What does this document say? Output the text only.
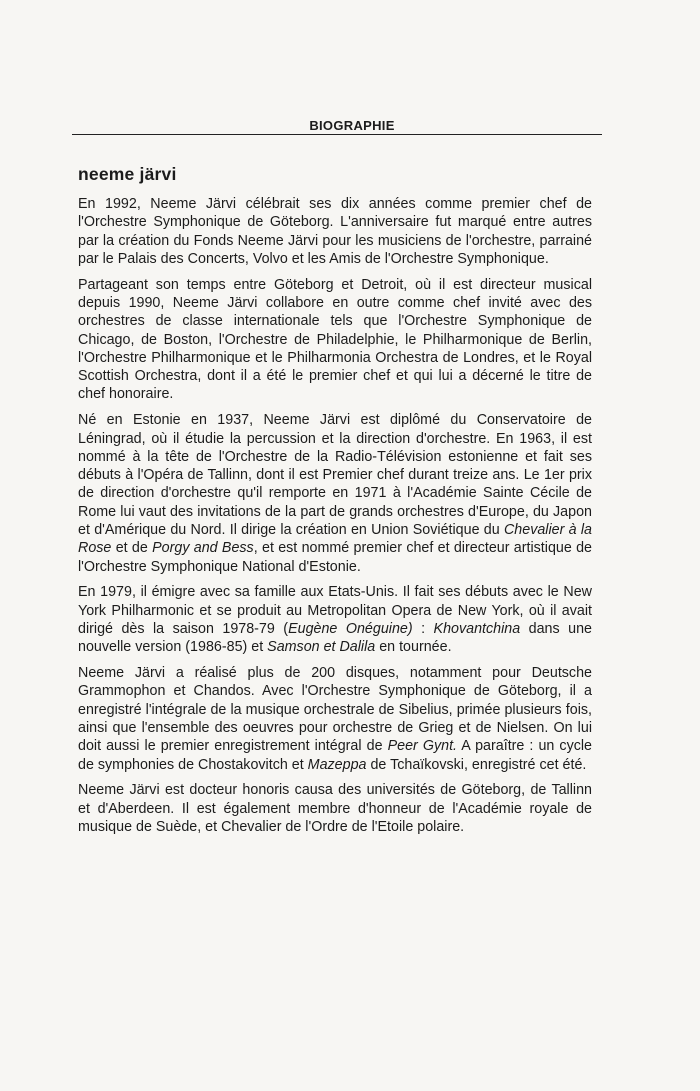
BIOGRAPHIE
neeme järvi

En 1992, Neeme Järvi célébrait ses dix années comme premier chef de l'Orchestre Symphonique de Göteborg. L'anniversaire fut marqué entre autres par la création du Fonds Neeme Järvi pour les musiciens de l'orchestre, parrainé par le Palais des Concerts, Volvo et les Amis de l'Orchestre Symphonique.

Partageant son temps entre Göteborg et Detroit, où il est directeur musical depuis 1990, Neeme Järvi collabore en outre comme chef invité avec des orchestres de classe internationale tels que l'Orchestre Symphonique de Chicago, de Boston, l'Orchestre de Philadelphie, le Philharmonique de Berlin, l'Orchestre Philharmonique et le Philharmonia Orchestra de Londres, et le Royal Scottish Orchestra, dont il a été le premier chef et qui lui a décerné le titre de chef honoraire.

Né en Estonie en 1937, Neeme Järvi est diplômé du Conservatoire de Léningrad, où il étudie la percussion et la direction d'orchestre. En 1963, il est nommé à la tête de l'Orchestre de la Radio-Télévision estonienne et fait ses débuts à l'Opéra de Tallinn, dont il est Premier chef durant treize ans. Le 1er prix de direction d'orchestre qu'il remporte en 1971 à l'Académie Sainte Cécile de Rome lui vaut des invitations de la part de grands orchestres d'Europe, du Japon et d'Amérique du Nord. Il dirige la création en Union Soviétique du Chevalier à la Rose et de Porgy and Bess, et est nommé premier chef et directeur artistique de l'Orchestre Symphonique National d'Estonie.

En 1979, il émigre avec sa famille aux Etats-Unis. Il fait ses débuts avec le New York Philharmonic et se produit au Metropolitan Opera de New York, où il avait dirigé dès la saison 1978-79 (Eugène Onéguine) : Khovantchina dans une nouvelle version (1986-85) et Samson et Dalila en tournée.

Neeme Järvi a réalisé plus de 200 disques, notamment pour Deutsche Grammophon et Chandos. Avec l'Orchestre Symphonique de Göteborg, il a enregistré l'intégrale de la musique orchestrale de Sibelius, primée plusieurs fois, ainsi que l'ensemble des oeuvres pour orchestre de Grieg et de Nielsen. On lui doit aussi le premier enregistrement intégral de Peer Gynt. A paraître : un cycle de symphonies de Chostakovitch et Mazeppa de Tchaïkovski, enregistré cet été.

Neeme Järvi est docteur honoris causa des universités de Göteborg, de Tallinn et d'Aberdeen. Il est également membre d'honneur de l'Académie royale de musique de Suède, et Chevalier de l'Ordre de l'Etoile polaire.
